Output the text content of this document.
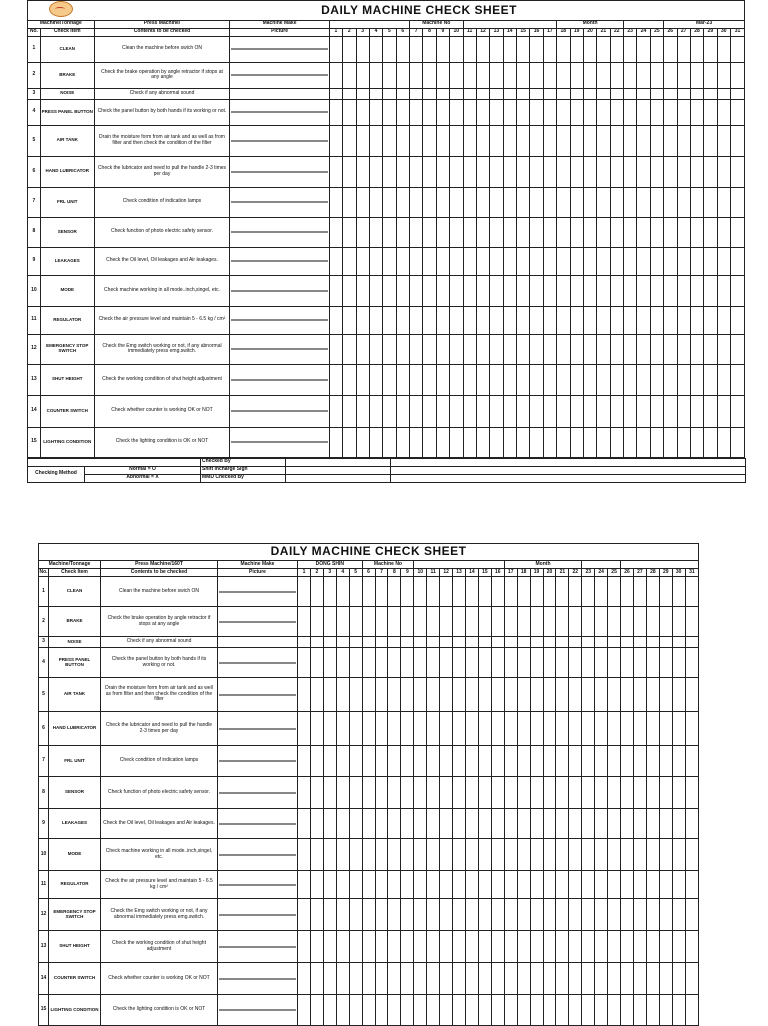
		DAILY MACHINE CHECK SHEET																																
Machine/Tonnage		Press Machine/	Machine Make							Machine No											Month								Mar-23					
No.	Check Item	Contents to be checked	Picture	1	2	3	4	5	6	7	8	9	10	11	12	13	14	15	16	17	18	19	20	21	22	23	24	25	26	27	28	29	30	31
1	CLEAN	Clean the machine before swich ON	

2	BRAKE	Check the brake operation by angle retractor if stops at any angle	

3	NOISE	Check if any abnormal sound																																
4	PRESS PANEL BUTTON	Check the panel button by both hands if its working or not.	

5	AIR TANK	Drain the moisture form from air tank and as well as from filter and then check the condition of the filter	

6	HAND LUBRICATOR	Check the lubricator and need to pull the handle 2-3 times per day	

7	FRL UNIT	Check condition of indication lamps	

8	SENSOR	Check function of photo electric safety sensor.	

9	LEAKAGES	Check the Oil level, Oil leakages and Air leakages.	

10	MODE	Check machine working in all mode..inch,singel, etc.	

11	REGULATOR	Check the air pressure level and maintain 5 - 6.5 kg / cm²	

12	EMERGENCY STOP SWITCH	Check the Emg switch working or not, if any abnormal immediately press emg.switch.	

13	SHUT HEIGHT	Check the working condition of shut height adjustment	

14	COUNTER SWITCH	Check whether counter is working OK or NOT	

15	LIGHTING CONDITION	Check the lighting condition is OK or NOT	

		Checked By		
Checking Method	Normal = O	Shift Incharge Sign		
	Abnormal = X	MMD Checked By		
DAILY MACHINE CHECK SHEET																																		
Machine/Tonnage		Press Machine/160T	Machine Make	DONG SHIN					Machine No											Month														
No.	Check Item	Contents to be checked	Picture	1	2	3	4	5	6	7	8	9	10	11	12	13	14	15	16	17	18	19	20	21	22	23	24	25	26	27	28	29	30	31
1	CLEAN	Clean the machine before swich ON	

2	BRAKE	Check the brake operation by angle retractor if stops at any angle	

3	NOISE	Check if any abnormal sound																																
4	PRESS PANEL BUTTON	Check the panel button by both hands if its working or not.	

5	AIR TANK	Drain the moisture form from air tank and as well as from filter and then check the condition of the filter	

6	HAND LUBRICATOR	Check the lubricator and need to pull the handle 2-3 times per day	

7	FRL UNIT	Check condition of indication lamps	

8	SENSOR	Check function of photo electric safety sensor.	

9	LEAKAGES	Check the Oil level, Oil leakages and Air leakages.	

10	MODE	Check machine working in all mode..inch,singel, etc.	

11	REGULATOR	Check the air pressure level and maintain 5 - 6.5 kg / cm²	

12	EMERGENCY STOP SWITCH	Check the Emg switch working or not, if any abnormal immediately press emg.switch.	

13	SHUT HEIGHT	Check the working condition of shut height adjustment	

14	COUNTER SWITCH	Check whether counter is working OK or NOT	

15	LIGHTING CONDITION	Check the lighting condition is OK or NOT	
